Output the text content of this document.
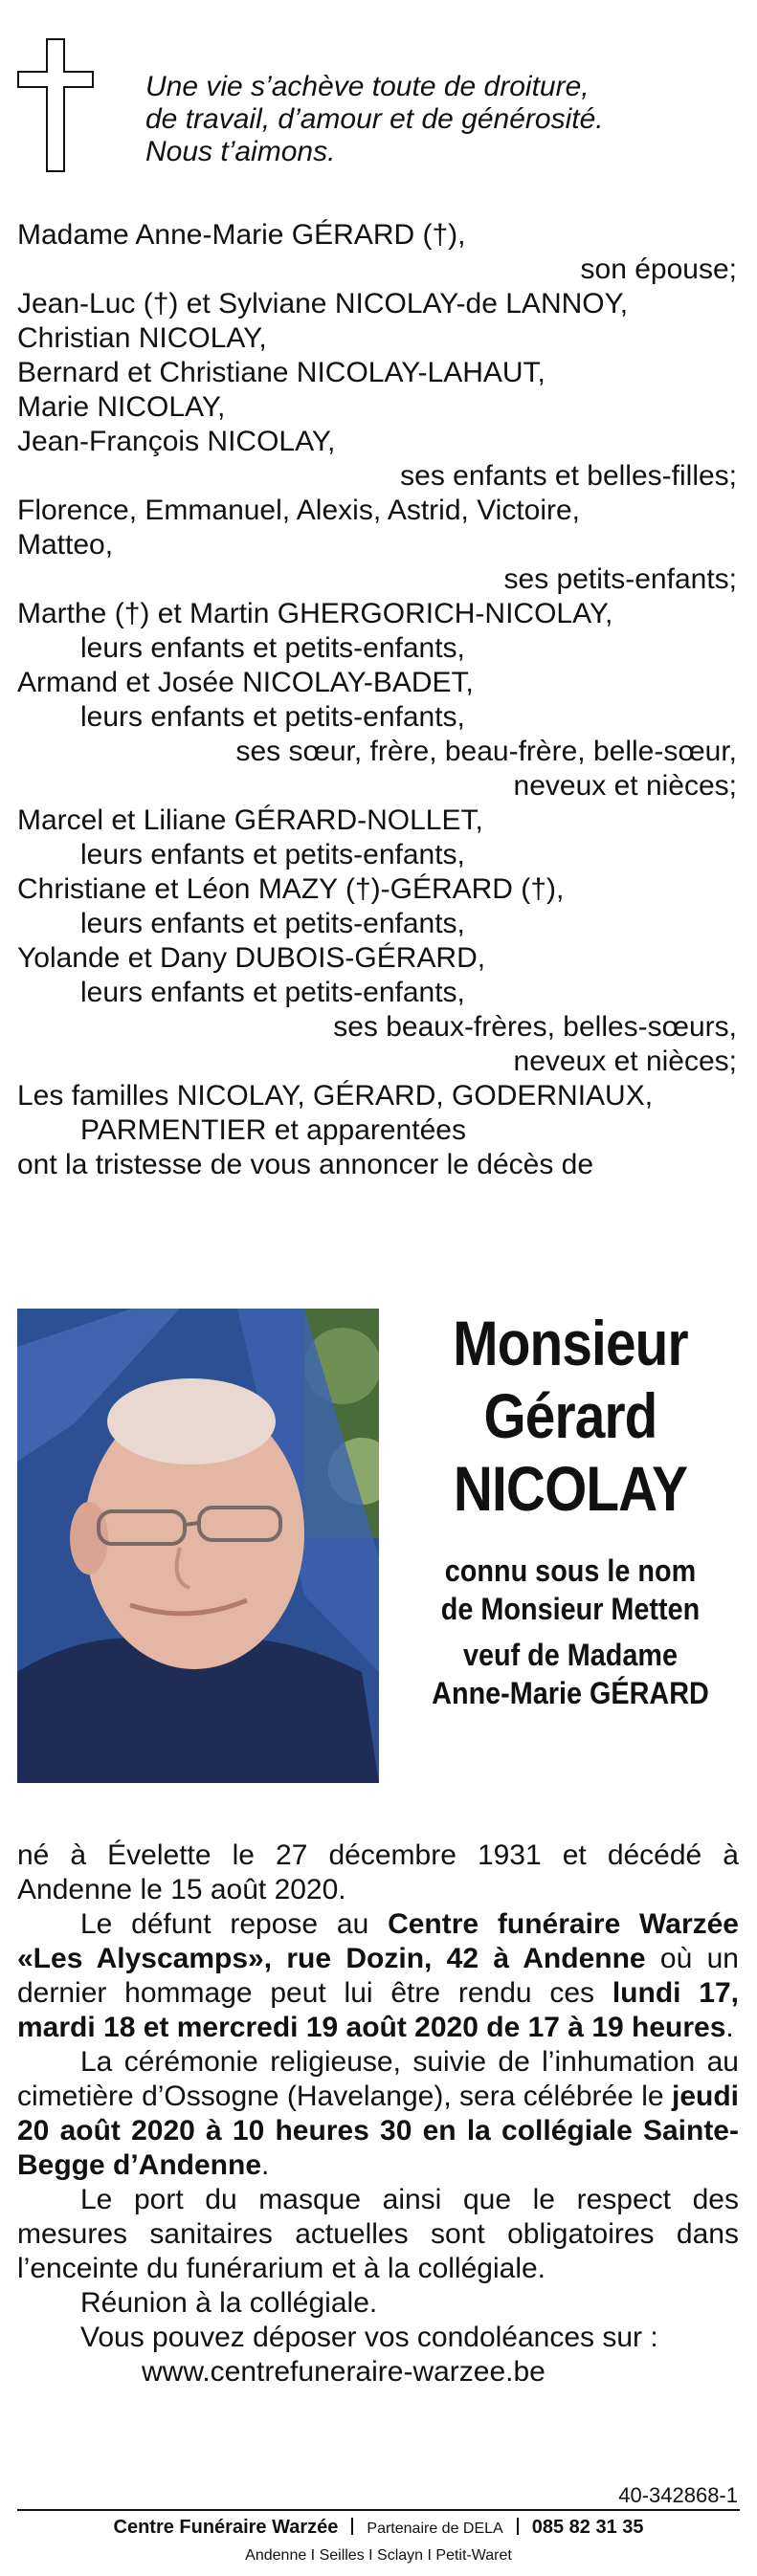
Une vie s’achève toute de droiture,
de travail, d’amour et de générosité.
Nous t’aimons.
Madame Anne-Marie GÉRARD (†),
son épouse;
Jean-Luc (†) et Sylviane NICOLAY-de LANNOY,
Christian NICOLAY,
Bernard et Christiane NICOLAY-LAHAUT,
Marie NICOLAY,
Jean-François NICOLAY,
ses enfants et belles-filles;
Florence, Emmanuel, Alexis, Astrid, Victoire,
Matteo,
ses petits-enfants;
Marthe (†) et Martin GHERGORICH-NICOLAY,
leurs enfants et petits-enfants,
Armand et Josée NICOLAY-BADET,
leurs enfants et petits-enfants,
ses sœur, frère, beau-frère, belle-sœur,
neveux et nièces;
Marcel et Liliane GÉRARD-NOLLET,
leurs enfants et petits-enfants,
Christiane et Léon MAZY (†)-GÉRARD (†),
leurs enfants et petits-enfants,
Yolande et Dany DUBOIS-GÉRARD,
leurs enfants et petits-enfants,
ses beaux-frères, belles-sœurs,
neveux et nièces;
Les familles NICOLAY, GÉRARD, GODERNIAUX,
PARMENTIER et apparentées
ont la tristesse de vous annoncer le décès de
Monsieur
Gérard
NICOLAY
connu sous le nom
de Monsieur Metten
veuf de Madame
Anne-Marie GÉRARD

né à Évelette le 27 décembre 1931 et décédé à Andenne le 15 août 2020.

Le défunt repose au Centre funéraire Warzée «Les Alyscamps», rue Dozin, 42 à Andenne où un dernier hommage peut lui être rendu ces lundi 17, mardi 18 et mercredi 19 août 2020 de 17 à 19 heures.

La cérémonie religieuse, suivie de l’inhumation au cimetière d’Ossogne (Havelange), sera célébrée le jeudi 20 août 2020 à 10 heures 30 en la collégiale Sainte-Begge d’Andenne.

Le port du masque ainsi que le respect des mesures sanitaires actuelles sont obligatoires dans l’enceinte du funérarium et à la collégiale.

Réunion à la collégiale.

Vous pouvez déposer vos condoléances sur :

www.centrefuneraire-warzee.be

40-342868-1
Centre Funéraire Warzée Partenaire de DELA 085 82 31 35
Andenne I Seilles I Sclayn I Petit-Waret
